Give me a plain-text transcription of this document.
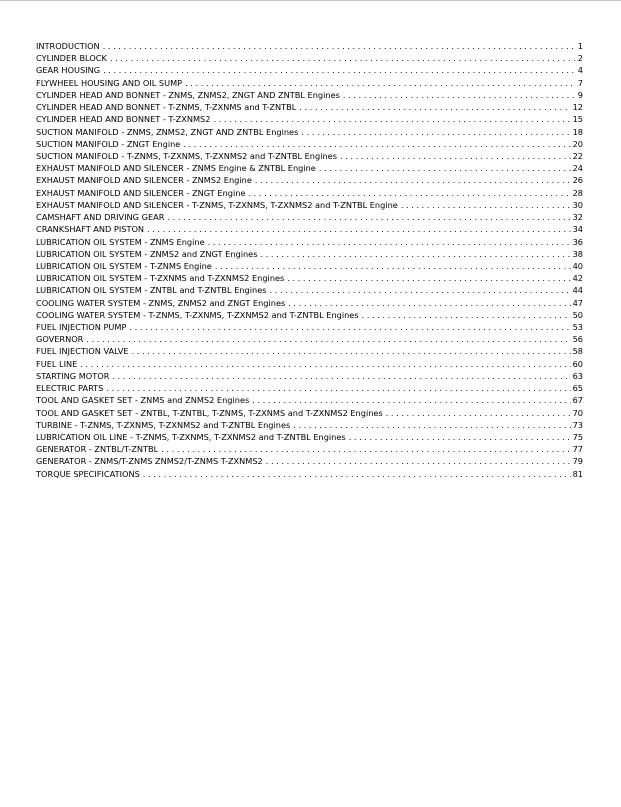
INTRODUCTION . . .	1
CYLINDER BLOCK . . .	2
GEAR HOUSING . . .	4
FLYWHEEL HOUSING AND OIL SUMP . . .	7
CYLINDER HEAD AND BONNET - ZNMS, ZNMS2, ZNGT AND ZNTBL Engines . . .	9
CYLINDER HEAD AND BONNET - T-ZNMS, T-ZXNMS and T-ZNTBL . . .	12
CYLINDER HEAD AND BONNET - T-ZXNMS2 . . .	15
SUCTION MANIFOLD - ZNMS, ZNMS2, ZNGT AND ZNTBL Engines . . .	18
SUCTION MANIFOLD - ZNGT Engine . . .	20
SUCTION MANIFOLD - T-ZNMS, T-ZXNMS, T-ZXNMS2 and T-ZNTBL Engines . . .	22
EXHAUST MANIFOLD AND SILENCER - ZNMS Engine & ZNTBL Engine . . .	24
EXHAUST MANIFOLD AND SILENCER - ZNMS2 Engine . . .	26
EXHAUST MANIFOLD AND SILENCER - ZNGT Engine . . .	28
EXHAUST MANIFOLD AND SILENCER - T-ZNMS, T-ZXNMS, T-ZXNMS2 and T-ZNTBL Engine . . .	30
CAMSHAFT AND DRIVING GEAR . . .	32
CRANKSHAFT AND PISTON . . .	34
LUBRICATION OIL SYSTEM - ZNMS Engine . . .	36
LUBRICATION OIL SYSTEM - ZNMS2 and ZNGT Engines . . .	38
LUBRICATION OIL SYSTEM - T-ZNMS Engine . . .	40
LUBRICATION OIL SYSTEM - T-ZXNMS and T-ZXNMS2 Engines . . .	42
LUBRICATION OIL SYSTEM - ZNTBL and T-ZNTBL Engines . . .	44
COOLING WATER SYSTEM - ZNMS, ZNMS2 and ZNGT Engines . . .	47
COOLING WATER SYSTEM - T-ZNMS, T-ZXNMS, T-ZXNMS2 and T-ZNTBL Engines . . .	50
FUEL INJECTION PUMP . . .	53
GOVERNOR . . .	56
FUEL INJECTION VALVE . . .	58
FUEL LINE . . .	60
STARTING MOTOR . . .	63
ELECTRIC PARTS . . .	65
TOOL AND GASKET SET - ZNMS and ZNMS2 Engines . . .	67
TOOL AND GASKET SET - ZNTBL, T-ZNTBL, T-ZNMS, T-ZXNMS and T-ZXNMS2 Engines . . .	70
TURBINE - T-ZNMS, T-ZXNMS, T-ZXNMS2 and T-ZNTBL Engines . . .	73
LUBRICATION OIL LINE - T-ZNMS, T-ZXNMS, T-ZXNMS2 and T-ZNTBL Engines . . .	75
GENERATOR - ZNTBL/T-ZNTBL . . .	77
GENERATOR - ZNMS/T-ZNMS ZNMS2/T-ZNMS T-ZXNMS2 . . .	79
TORQUE SPECIFICATIONS . . .	81
